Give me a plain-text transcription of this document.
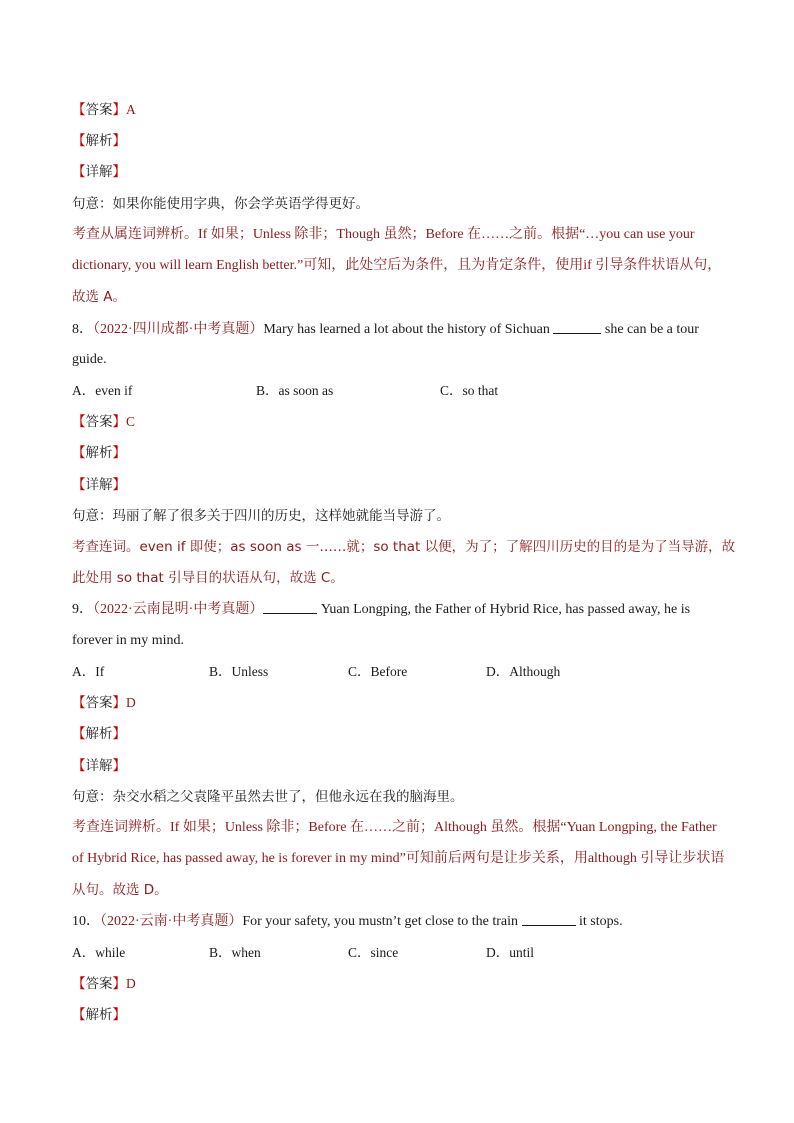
【答案】A
【解析】
【详解】
句意：如果你能使用字典，你会学英语学得更好。
考查从属连词辨析。If 如果；Unless 除非；Though 虽然；Before 在……之前。根据“…you can use your
dictionary, you will learn English better.”可知，此处空后为条件，且为肯定条件，使用if 引导条件状语从句，
故选 A。
8．（2022·四川成都·中考真题）Mary has learned a lot about the history of Sichuan	she can be a tour
guide.
A．even if	B．as soon as	C．so that
【答案】C
【解析】
【详解】
句意：玛丽了解了很多关于四川的历史，这样她就能当导游了。
考查连词。even if 即使；as soon as 一……就；so that 以便，为了；了解四川历史的目的是为了当导游，故
此处用 so that 引导目的状语从句，故选 C。
9．（2022·云南昆明·中考真题）	Yuan Longping, the Father of Hybrid Rice, has passed away, he is
forever in my mind.
A．If	B．Unless	C．Before	D．Although
【答案】D
【解析】
【详解】
句意：杂交水稻之父袁隆平虽然去世了，但他永远在我的脑海里。
考查连词辨析。If 如果；Unless 除非；Before 在……之前；Although 虽然。根据“Yuan Longping, the Father
of Hybrid Rice, has passed away, he is forever in my mind”可知前后两句是让步关系，用although 引导让步状语
从句。故选 D。
10．（2022·云南·中考真题）For your safety, you mustn’t get close to the train	it stops.
A．while	B．when	C．since	D．until
【答案】D
【解析】
